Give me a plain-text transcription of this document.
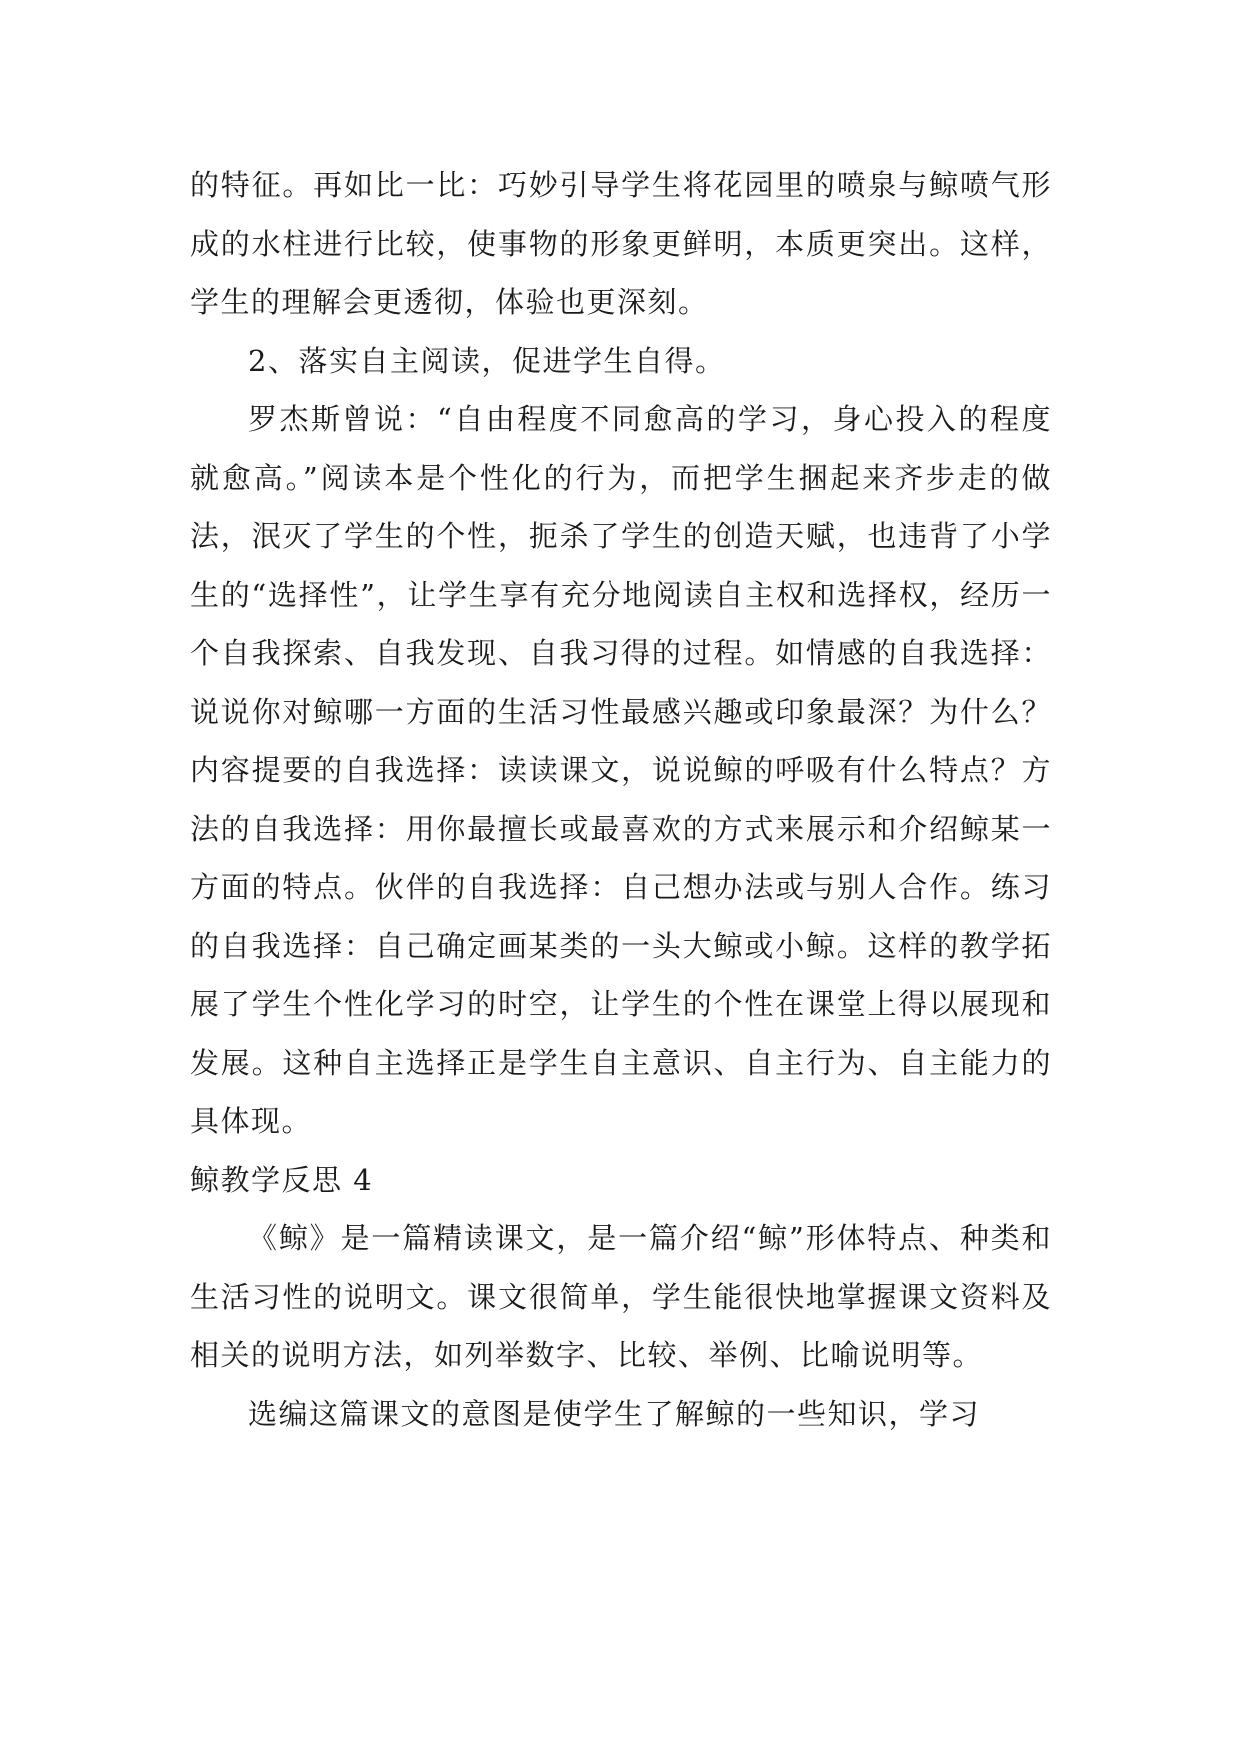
的特征。再如比一比：巧妙引导学生将花园里的喷泉与鲸喷气形成的水柱进行比较，使事物的形象更鲜明，本质更突出。这样，学生的理解会更透彻，体验也更深刻。

2、落实自主阅读，促进学生自得。

罗杰斯曾说：“自由程度不同愈高的学习，身心投入的程度就愈高。”阅读本是个性化的行为，而把学生捆起来齐步走的做法，泯灭了学生的个性，扼杀了学生的创造天赋，也违背了小学生的“选择性”，让学生享有充分地阅读自主权和选择权，经历一个自我探索、自我发现、自我习得的过程。如情感的自我选择：说说你对鲸哪一方面的生活习性最感兴趣或印象最深？为什么？内容提要的自我选择：读读课文，说说鲸的呼吸有什么特点？方法的自我选择：用你最擅长或最喜欢的方式来展示和介绍鲸某一方面的特点。伙伴的自我选择：自己想办法或与别人合作。练习的自我选择：自己确定画某类的一头大鲸或小鲸。这样的教学拓展了学生个性化学习的时空，让学生的个性在课堂上得以展现和发展。这种自主选择正是学生自主意识、自主行为、自主能力的具体现。

鲸教学反思 4

《鲸》是一篇精读课文，是一篇介绍“鲸”形体特点、种类和生活习性的说明文。课文很简单，学生能很快地掌握课文资料及相关的说明方法，如列举数字、比较、举例、比喻说明等。

选编这篇课文的意图是使学生了解鲸的一些知识，学习
